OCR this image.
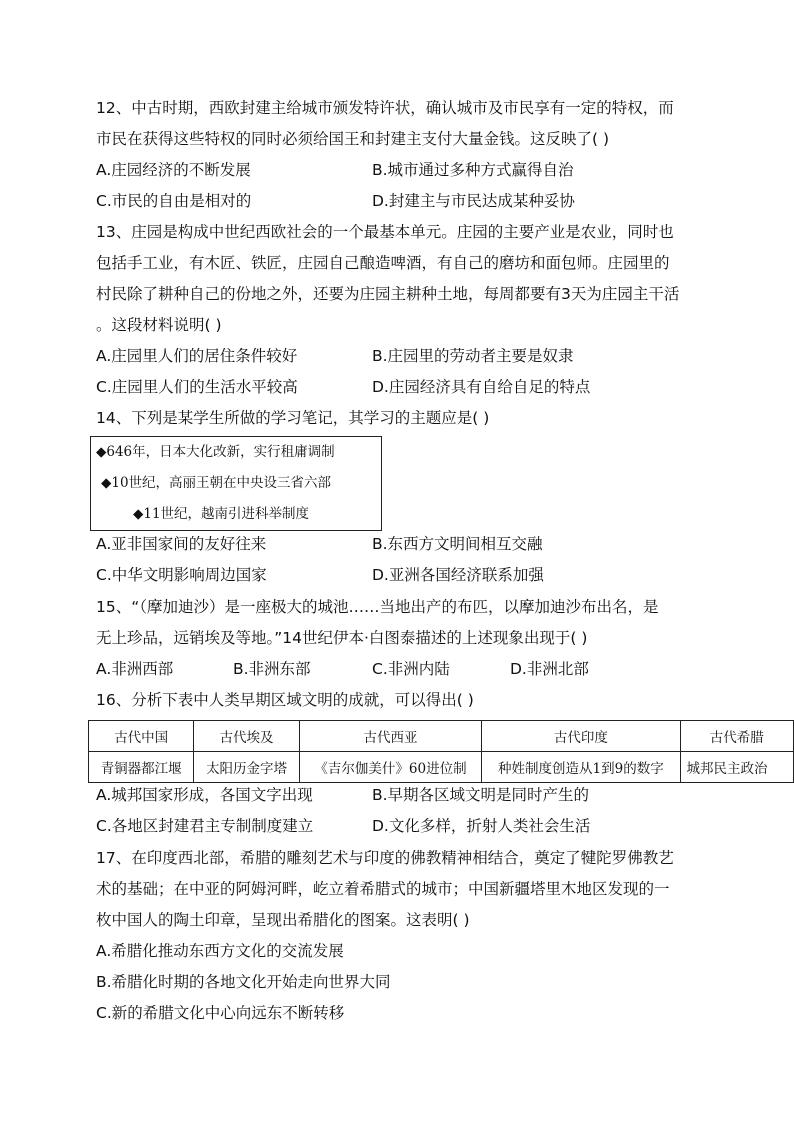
12、中古时期，西欧封建主给城市颁发特许状，确认城市及市民享有一定的特权，而
市民在获得这些特权的同时必须给国王和封建主支付大量金钱。这反映了( )
A.庄园经济的不断发展	B.城市通过多种方式赢得自治
C.市民的自由是相对的	D.封建主与市民达成某种妥协
13、庄园是构成中世纪西欧社会的一个最基本单元。庄园的主要产业是农业，同时也
包括手工业，有木匠、铁匠，庄园自己酿造啤酒，有自己的磨坊和面包师。庄园里的
村民除了耕种自己的份地之外，还要为庄园主耕种土地，每周都要有3天为庄园主干活
。这段材料说明( )
A.庄园里人们的居住条件较好	B.庄园里的劳动者主要是奴隶
C.庄园里人们的生活水平较高	D.庄园经济具有自给自足的特点
14、下列是某学生所做的学习笔记，其学习的主题应是( )
◆646年，日本大化改新，实行租庸调制
◆10世纪，高丽王朝在中央设三省六部
◆11世纪，越南引进科举制度
A.亚非国家间的友好往来	B.东西方文明间相互交融
C.中华文明影响周边国家	D.亚洲各国经济联系加强
15、“（摩加迪沙）是一座极大的城池……当地出产的布匹，以摩加迪沙布出名，是
无上珍品，远销埃及等地。”14世纪伊本·白图泰描述的上述现象出现于( )
A.非洲西部	B.非洲东部	C.非洲内陆	D.非洲北部
16、分析下表中人类早期区域文明的成就，可以得出( )
古代中国	古代埃及	古代西亚	古代印度	古代希腊
青铜器都江堰	太阳历金字塔	《吉尔伽美什》60进位制	种姓制度创造从1到9的数字	城邦民主政治
A.城邦国家形成，各国文字出现	B.早期各区域文明是同时产生的
C.各地区封建君主专制制度建立	D.文化多样，折射人类社会生活
17、在印度西北部，希腊的雕刻艺术与印度的佛教精神相结合，奠定了犍陀罗佛教艺
术的基础；在中亚的阿姆河畔，屹立着希腊式的城市；中国新疆塔里木地区发现的一
枚中国人的陶土印章，呈现出希腊化的图案。这表明( )
A.希腊化推动东西方文化的交流发展
B.希腊化时期的各地文化开始走向世界大同
C.新的希腊文化中心向远东不断转移
